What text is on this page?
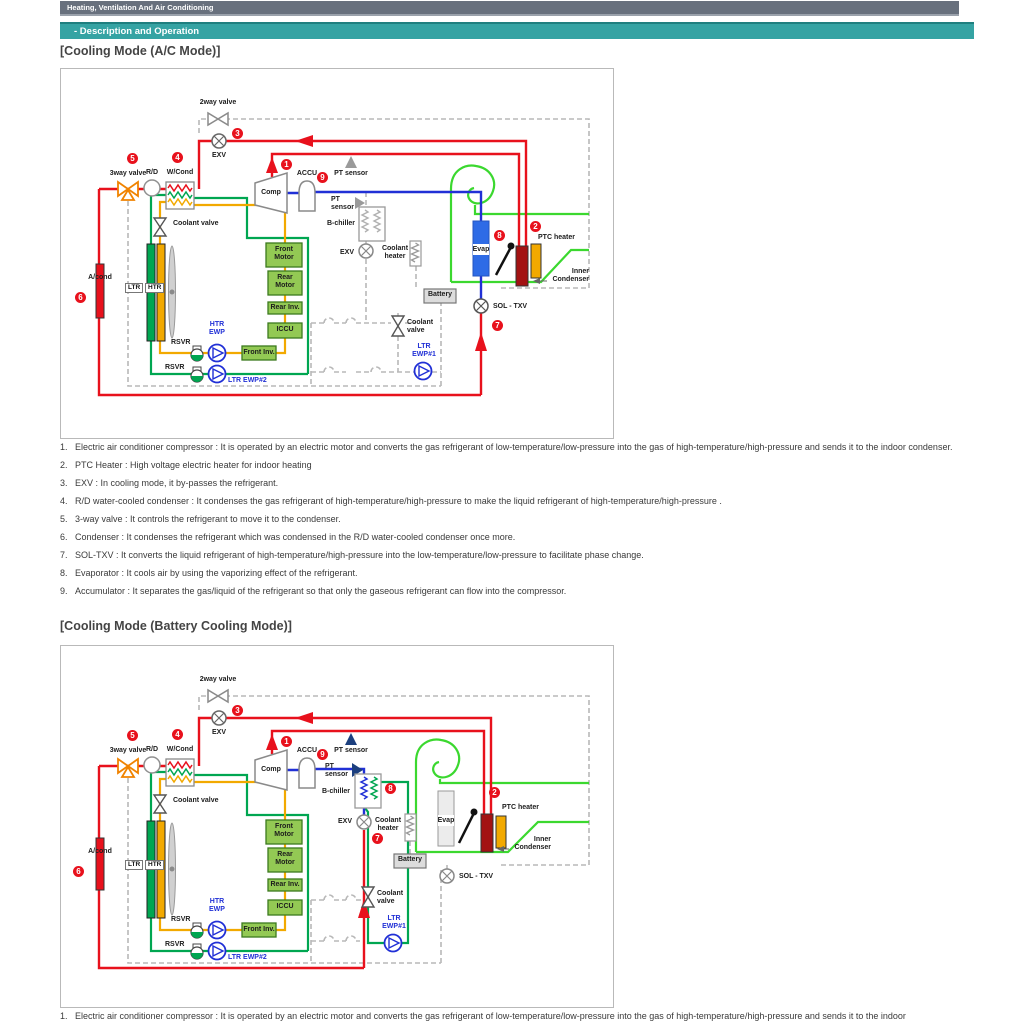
Heating, Ventilation And Air Conditioning
- Description and Operation
[Cooling Mode (A/C Mode)]
2way valve
EXV
3way valve R/D	W/Cond
Coolant valve
Comp
ACCU	PT sensor
PT sensor
B-chiller
EXV
Coolant heater
Battery
Coolant valve
LTR EWP#1
SOL - TXV
Evap
PTC heater
Inner Condenser
A/cond
LTR	HTR
Front Motor
Rear Motor
Rear Inv.
ICCU
Front Inv.
HTR EWP
RSVR
RSVR
LTR EWP#2
1
2
3
4
5
6
7
8
9
1. Electric air conditioner compressor : It is operated by an electric motor and converts the gas refrigerant of low-temperature/low-pressure into the gas of high-temperature/high-pressure and sends it to the indoor condenser.
2. PTC Heater : High voltage electric heater for indoor heating
3. EXV : In cooling mode, it by-passes the refrigerant.
4. R/D water-cooled condenser : It condenses the gas refrigerant of high-temperature/high-pressure to make the liquid refrigerant of high-temperature/high-pressure .
5. 3-way valve : It controls the refrigerant to move it to the condenser.
6. Condenser : It condenses the refrigerant which was condensed in the R/D water-cooled condenser once more.
7. SOL-TXV : It converts the liquid refrigerant of high-temperature/high-pressure into the low-temperature/low-pressure to facilitate phase change.
8. Evaporator : It cools air by using the vaporizing effect of the refrigerant.
9. Accumulator : It separates the gas/liquid of the refrigerant so that only the gaseous refrigerant can flow into the compressor.
[Cooling Mode (Battery Cooling Mode)]
2way valve
EXV
3way valve R/D	W/Cond
Coolant valve
Comp
ACCU	PT sensor
PT sensor
B-chiller
EXV	Coolant heater
Battery
Coolant valve
LTR EWP#1
SOL - TXV
Evap
PTC heater
Inner Condenser
A/cond
LTR	HTR
Front Motor
Rear Motor
Rear Inv.
ICCU
Front Inv.
HTR EWP
RSVR
RSVR
LTR EWP#2
1
2
3
4
5
6
7
8
9
1. Electric air conditioner compressor : It is operated by an electric motor and converts the gas refrigerant of low-temperature/low-pressure into the gas of high-temperature/high-pressure and sends it to the indoor
